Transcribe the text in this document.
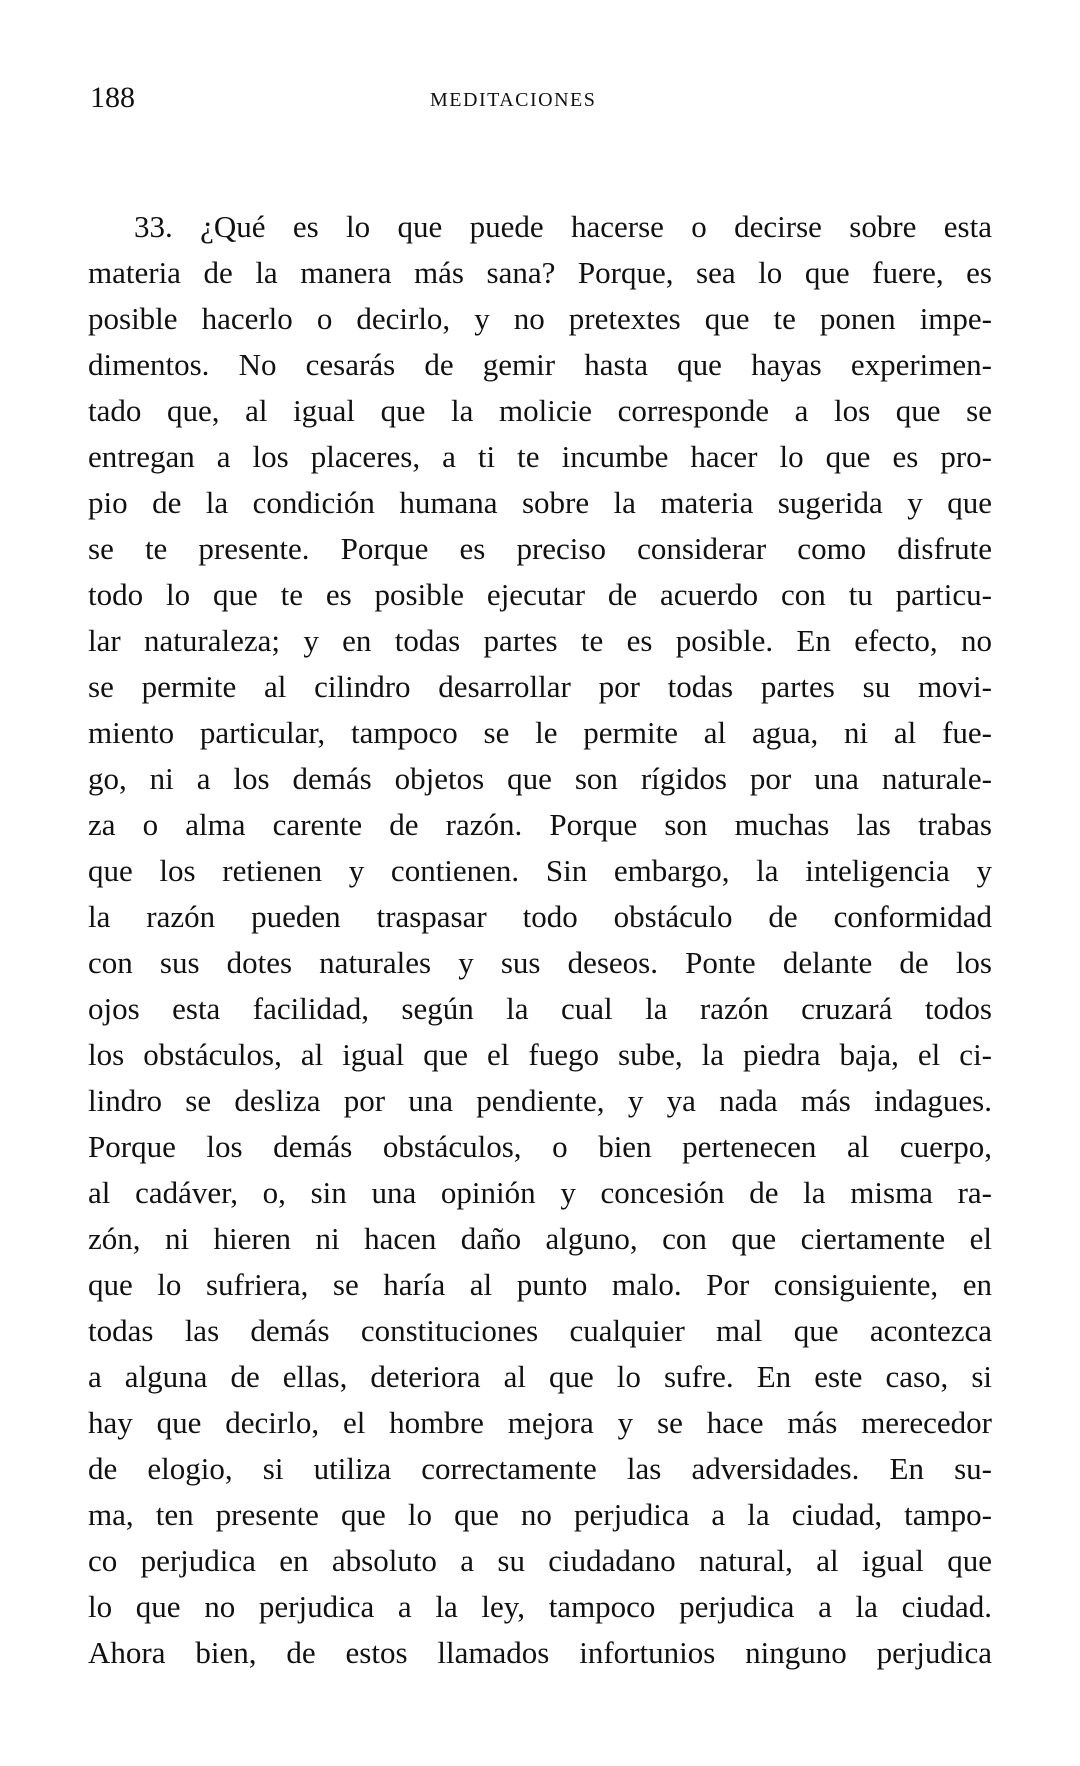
188	MEDITACIONES
33. ¿Qué es lo que puede hacerse o decirse sobre esta
materia de la manera más sana? Porque, sea lo que fuere, es
posible hacerlo o decirlo, y no pretextes que te ponen impe-
dimentos. No cesarás de gemir hasta que hayas experimen-
tado que, al igual que la molicie corresponde a los que se
entregan a los placeres, a ti te incumbe hacer lo que es pro-
pio de la condición humana sobre la materia sugerida y que
se te presente. Porque es preciso considerar como disfrute
todo lo que te es posible ejecutar de acuerdo con tu particu-
lar naturaleza; y en todas partes te es posible. En efecto, no
se permite al cilindro desarrollar por todas partes su movi-
miento particular, tampoco se le permite al agua, ni al fue-
go, ni a los demás objetos que son rígidos por una naturale-
za o alma carente de razón. Porque son muchas las trabas
que los retienen y contienen. Sin embargo, la inteligencia y
la razón pueden traspasar todo obstáculo de conformidad
con sus dotes naturales y sus deseos. Ponte delante de los
ojos esta facilidad, según la cual la razón cruzará todos
los obstáculos, al igual que el fuego sube, la piedra baja, el ci-
lindro se desliza por una pendiente, y ya nada más indagues.
Porque los demás obstáculos, o bien pertenecen al cuerpo,
al cadáver, o, sin una opinión y concesión de la misma ra-
zón, ni hieren ni hacen daño alguno, con que ciertamente el
que lo sufriera, se haría al punto malo. Por consiguiente, en
todas las demás constituciones cualquier mal que acontezca
a alguna de ellas, deteriora al que lo sufre. En este caso, si
hay que decirlo, el hombre mejora y se hace más merecedor
de elogio, si utiliza correctamente las adversidades. En su-
ma, ten presente que lo que no perjudica a la ciudad, tampo-
co perjudica en absoluto a su ciudadano natural, al igual que
lo que no perjudica a la ley, tampoco perjudica a la ciudad.
Ahora bien, de estos llamados infortunios ninguno perjudica
